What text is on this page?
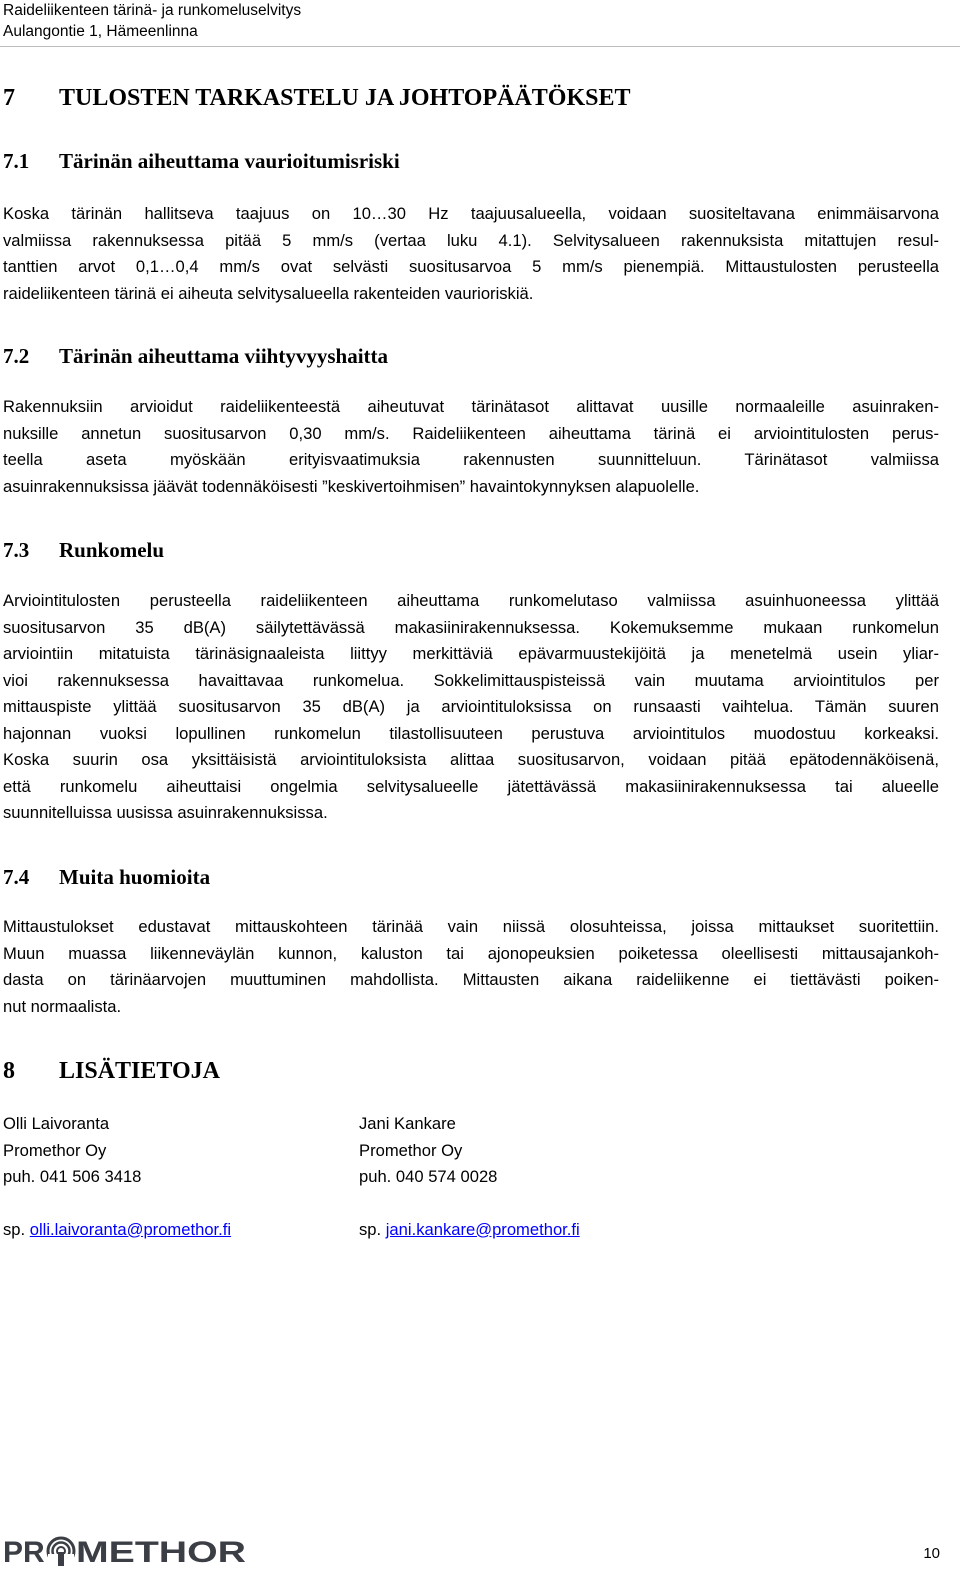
Raideliikenteen tärinä- ja runkomeluselvitys
Aulangontie 1, Hämeenlinna
7 TULOSTEN TARKASTELU JA JOHTOPÄÄTÖKSET
7.1 Tärinän aiheuttama vaurioitumisriski
Koska tärinän hallitseva taajuus on 10…30 Hz taajuusalueella, voidaan suositeltavana enimmäisarvona
valmiissa rakennuksessa pitää 5 mm/s (vertaa luku 4.1). Selvitysalueen rakennuksista mitattujen resul-
tanttien arvot 0,1…0,4 mm/s ovat selvästi suositusarvoa 5 mm/s pienempiä. Mittaustulosten perusteella
raideliikenteen tärinä ei aiheuta selvitysalueella rakenteiden vaurioriskiä.
7.2 Tärinän aiheuttama viihtyvyyshaitta
Rakennuksiin arvioidut raideliikenteestä aiheutuvat tärinätasot alittavat uusille normaaleille asuinraken-
nuksille annetun suositusarvon 0,30 mm/s. Raideliikenteen aiheuttama tärinä ei arviointitulosten perus-
teella aseta myöskään erityisvaatimuksia rakennusten suunnitteluun. Tärinätasot valmiissa
asuinrakennuksissa jäävät todennäköisesti ”keskivertoihmisen” havaintokynnyksen alapuolelle.
7.3 Runkomelu
Arviointitulosten perusteella raideliikenteen aiheuttama runkomelutaso valmiissa asuinhuoneessa ylittää
suositusarvon 35 dB(A) säilytettävässä makasiinirakennuksessa. Kokemuksemme mukaan runkomelun
arviointiin mitatuista tärinäsignaaleista liittyy merkittäviä epävarmuustekijöitä ja menetelmä usein yliar-
vioi rakennuksessa havaittavaa runkomelua. Sokkelimittauspisteissä vain muutama arviointitulos per
mittauspiste ylittää suositusarvon 35 dB(A) ja arviointituloksissa on runsaasti vaihtelua. Tämän suuren
hajonnan vuoksi lopullinen runkomelun tilastollisuuteen perustuva arviointitulos muodostuu korkeaksi.
Koska suurin osa yksittäisistä arviointituloksista alittaa suositusarvon, voidaan pitää epätodennäköisenä,
että runkomelu aiheuttaisi ongelmia selvitysalueelle jätettävässä makasiinirakennuksessa tai alueelle
suunnitelluissa uusissa asuinrakennuksissa.
7.4 Muita huomioita
Mittaustulokset edustavat mittauskohteen tärinää vain niissä olosuhteissa, joissa mittaukset suoritettiin.
Muun muassa liikenneväylän kunnon, kaluston tai ajonopeuksien poiketessa oleellisesti mittausajankoh-
dasta on tärinäarvojen muuttuminen mahdollista. Mittausten aikana raideliikenne ei tiettävästi poiken-
nut normaalista.
8 LISÄTIETOJA
Olli Laivoranta
Promethor Oy
puh. 041 506 3418
sp. olli.laivoranta@promethor.fi
Jani Kankare
Promethor Oy
puh. 040 574 0028
sp. jani.kankare@promethor.fi
PR METHOR	10
